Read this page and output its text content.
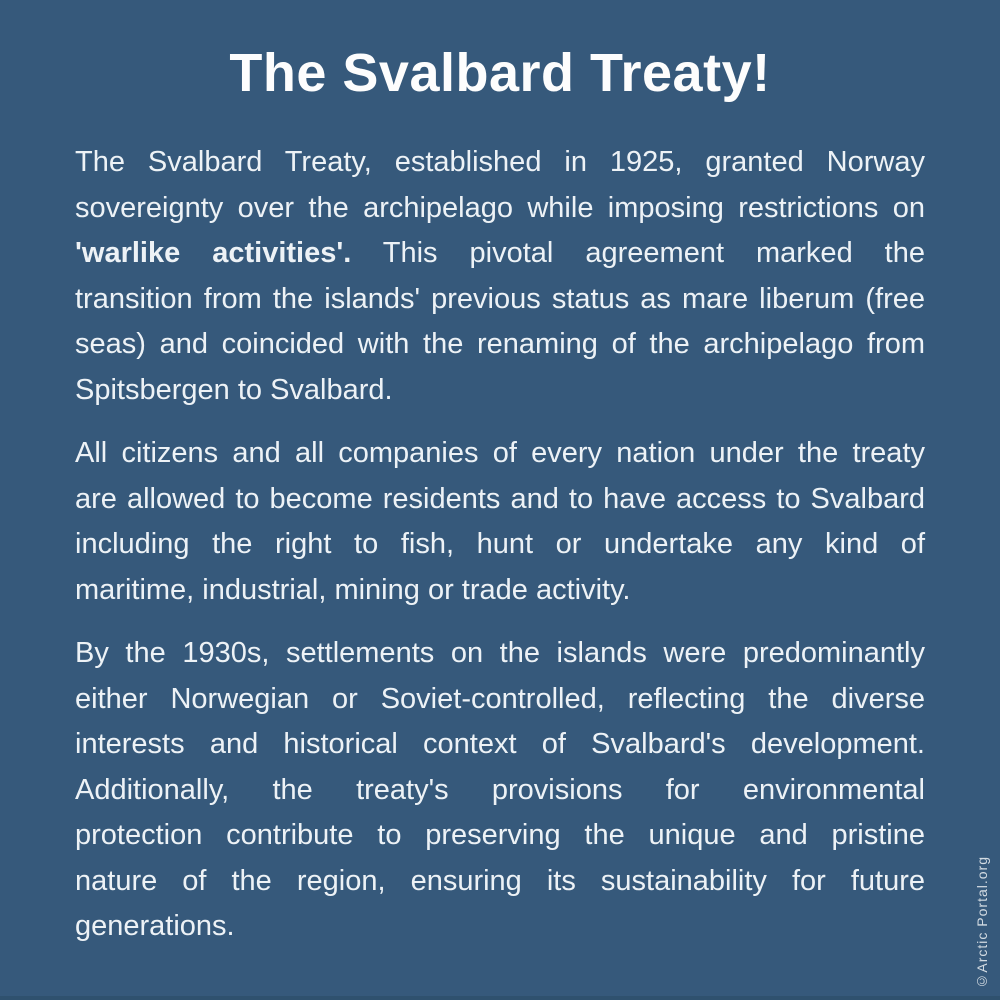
The Svalbard Treaty!
The Svalbard Treaty, established in 1925, granted Norway
sovereignty over the archipelago while imposing restrictions on
'warlike activities'. This pivotal agreement marked the
transition from the islands' previous status as mare liberum (free
seas) and coincided with the renaming of the archipelago from
Spitsbergen to Svalbard.
All citizens and all companies of every nation under the treaty
are allowed to become residents and to have access to Svalbard
including the right to fish, hunt or undertake any kind of
maritime, industrial, mining or trade activity.
By the 1930s, settlements on the islands were predominantly
either Norwegian or Soviet-controlled, reflecting the diverse
interests and historical context of Svalbard's development.
Additionally, the treaty's provisions for environmental
protection contribute to preserving the unique and pristine
nature of the region, ensuring its sustainability for future
generations.	©Arctic Portal.org
